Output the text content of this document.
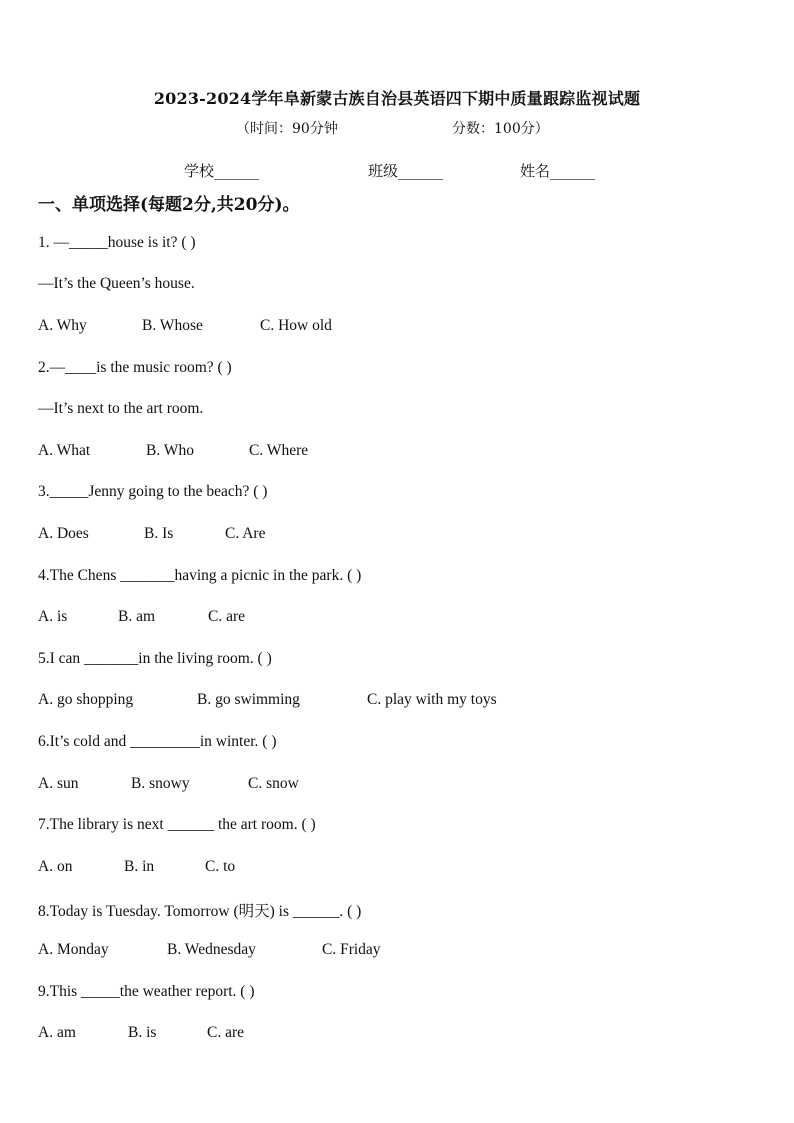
2023-2024学年阜新蒙古族自治县英语四下期中质量跟踪监视试题
（时间：90分钟	分数：100分）
学校______	班级______	姓名______
一、单项选择(每题2分,共20分)。
1. —_____house is it? ( )
—It’s the Queen’s house.
A. Why	B. Whose	C. How old
2.—____is the music room? ( )
—It’s next to the art room.
A. What	B. Who	C. Where
3._____Jenny going to the beach? ( )
A. Does	B. Is	C. Are
4.The Chens _______having a picnic in the park. ( )
A. is	B. am	C. are
5.I can _______in the living room. ( )
A. go shopping	B. go swimming	C. play with my toys
6.It’s cold and _________in winter. ( )
A. sun	B. snowy	C. snow
7.The library is next ______ the art room. ( )
A. on	B. in	C. to
8.Today is Tuesday. Tomorrow (明天) is ______. ( )
A. Monday	B. Wednesday	C. Friday
9.This _____the weather report. ( )
A. am	B. is	C. are
